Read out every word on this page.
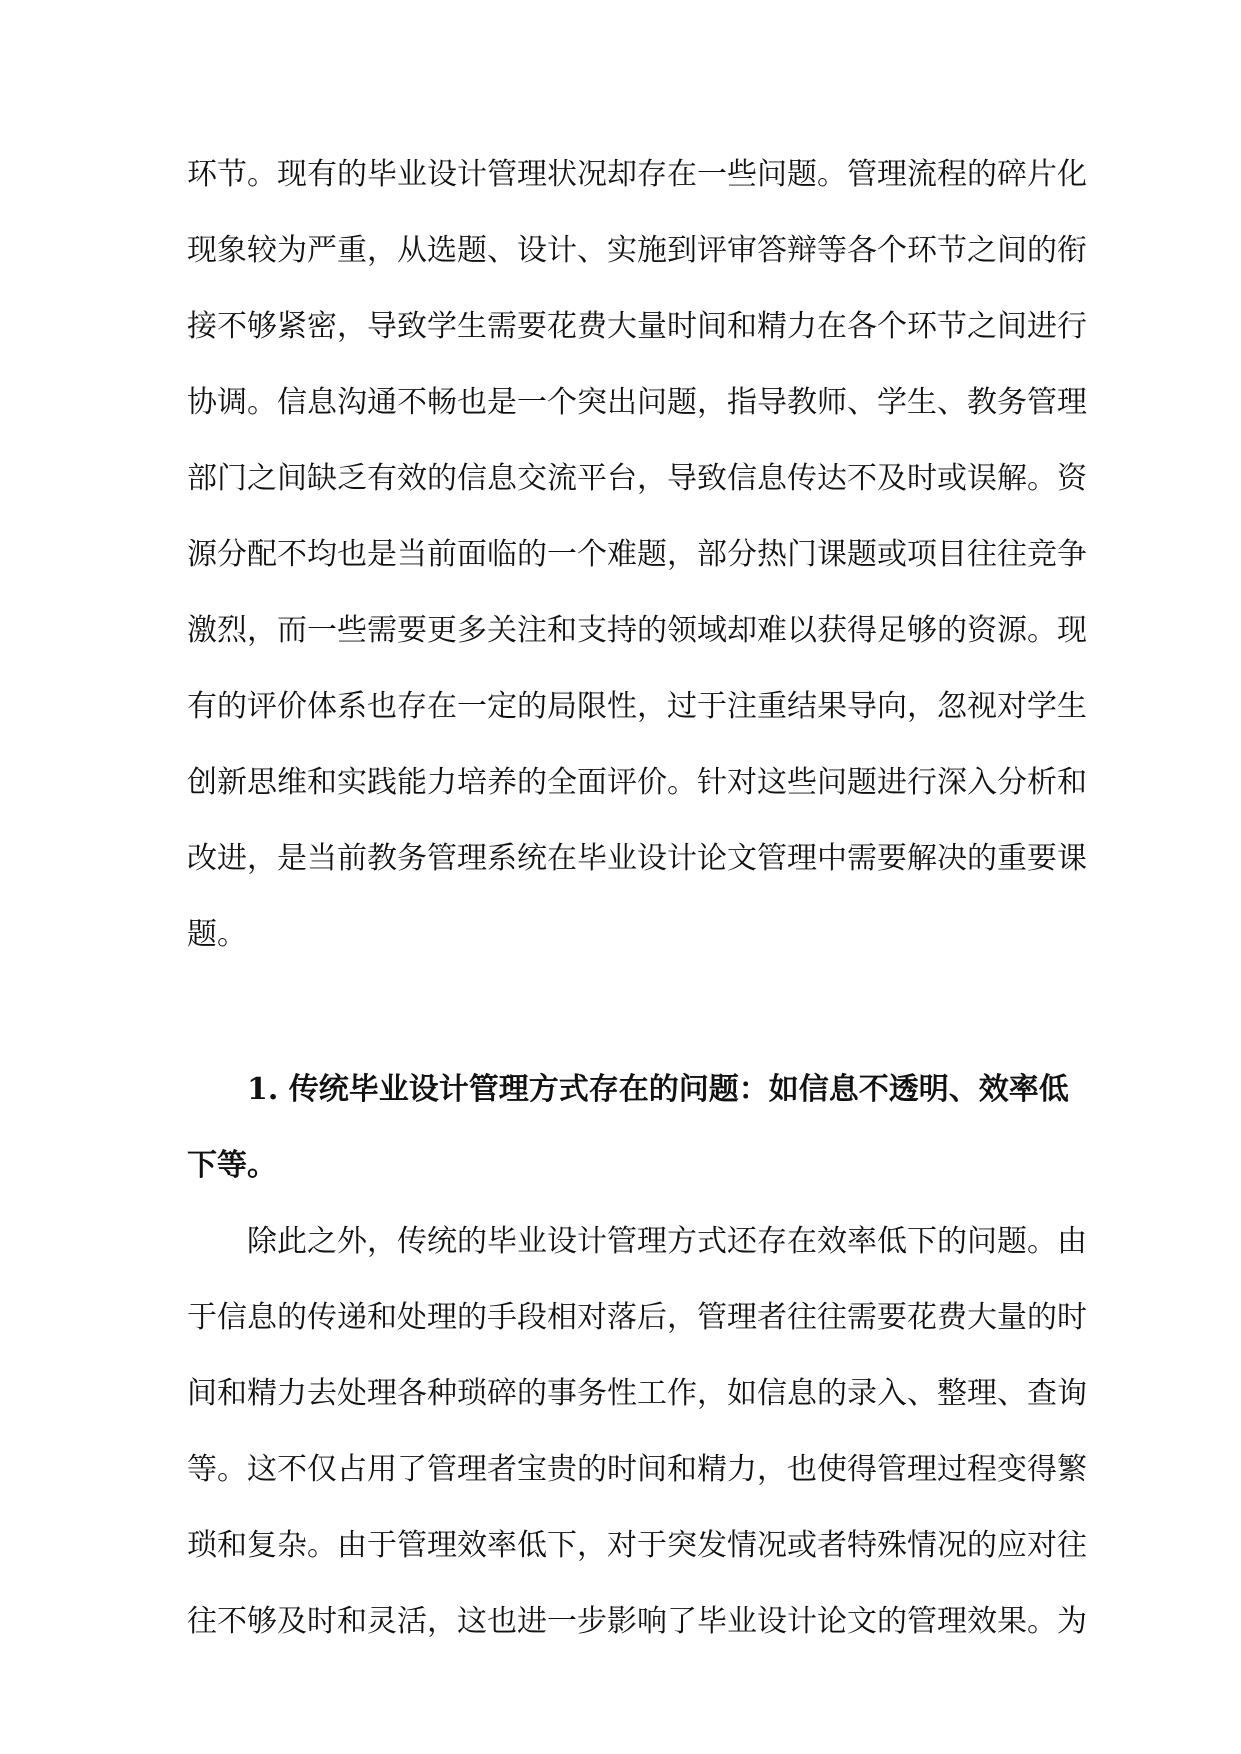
环节。现有的毕业设计管理状况却存在一些问题。管理流程的碎片化
现象较为严重，从选题、设计、实施到评审答辩等各个环节之间的衔
接不够紧密，导致学生需要花费大量时间和精力在各个环节之间进行
协调。信息沟通不畅也是一个突出问题，指导教师、学生、教务管理
部门之间缺乏有效的信息交流平台，导致信息传达不及时或误解。资
源分配不均也是当前面临的一个难题，部分热门课题或项目往往竞争
激烈，而一些需要更多关注和支持的领域却难以获得足够的资源。现
有的评价体系也存在一定的局限性，过于注重结果导向，忽视对学生
创新思维和实践能力培养的全面评价。针对这些问题进行深入分析和
改进，是当前教务管理系统在毕业设计论文管理中需要解决的重要课
题。
1. 传统毕业设计管理方式存在的问题：如信息不透明、效率低
下等。
除此之外，传统的毕业设计管理方式还存在效率低下的问题。由
于信息的传递和处理的手段相对落后，管理者往往需要花费大量的时
间和精力去处理各种琐碎的事务性工作，如信息的录入、整理、查询
等。这不仅占用了管理者宝贵的时间和精力，也使得管理过程变得繁
琐和复杂。由于管理效率低下，对于突发情况或者特殊情况的应对往
往不够及时和灵活，这也进一步影响了毕业设计论文的管理效果。为
